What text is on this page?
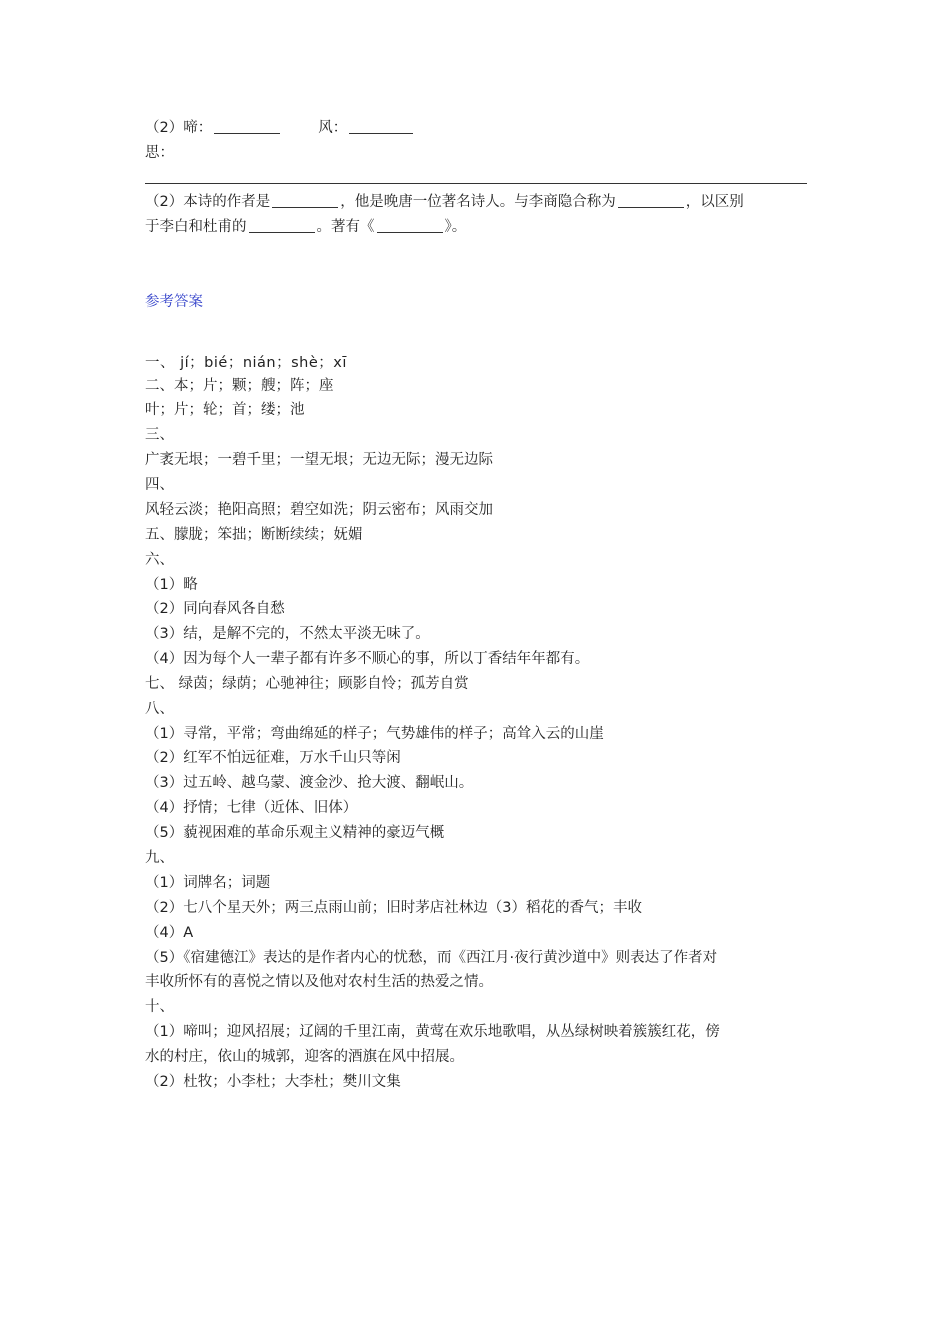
（2）啼：	风：
思：
（2）本诗的作者是	，他是晚唐一位著名诗人。与李商隐合称为	，以区别
于李白和杜甫的	。著有《	》。
参考答案
一、 jí；bié；nián；shè；xī
二、本；片；颗；艘；阵；座
叶；片；轮；首；缕；池
三、
广袤无垠；一碧千里；一望无垠；无边无际；漫无边际
四、
风轻云淡；艳阳高照；碧空如洗；阴云密布；风雨交加
五、朦胧；笨拙；断断续续；妩媚
六、
（1）略
（2）同向春风各自愁
（3）结，是解不完的，不然太平淡无味了。
（4）因为每个人一辈子都有许多不顺心的事，所以丁香结年年都有。
七、 绿茵；绿荫；心驰神往；顾影自怜；孤芳自赏
八、
（1）寻常，平常；弯曲绵延的样子；气势雄伟的样子；高耸入云的山崖
（2）红军不怕远征难，万水千山只等闲
（3）过五岭、越乌蒙、渡金沙、抢大渡、翻岷山。
（4）抒情；七律（近体、旧体）
（5）藐视困难的革命乐观主义精神的豪迈气概
九、
（1）词牌名；词题
（2）七八个星天外；两三点雨山前；旧时茅店社林边（3）稻花的香气；丰收
（4）A
（5）《宿建德江》表达的是作者内心的忧愁，而《西江月·夜行黄沙道中》则表达了作者对
丰收所怀有的喜悦之情以及他对农村生活的热爱之情。
十、
（1）啼叫；迎风招展；辽阔的千里江南，黄莺在欢乐地歌唱，从丛绿树映着簇簇红花，傍
水的村庄，依山的城郭，迎客的酒旗在风中招展。
（2）杜牧；小李杜；大李杜；樊川文集
